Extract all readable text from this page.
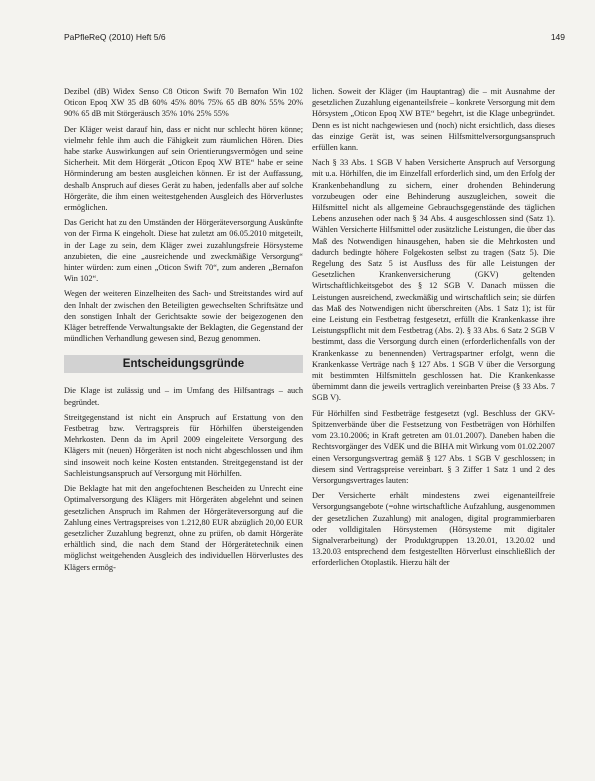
PaPfleReQ (2010) Heft 5/6	149

Dezibel (dB) Widex Senso C8 Oticon Swift 70 Bernafon Win 102 Oticon Epoq XW 35 dB 60% 45% 80% 75% 65 dB 80% 55% 20% 90% 65 dB mit Störgeräusch 35% 10% 25% 55%

Der Kläger weist darauf hin, dass er nicht nur schlecht hören könne; vielmehr fehle ihm auch die Fähigkeit zum räumlichen Hören. Dies habe starke Auswirkungen auf sein Orientierungsvermögen und seine Sicherheit. Mit dem Hörgerät „Oticon Epoq XW BTE“ habe er seine Hörminderung am besten ausgleichen können. Er ist der Auffassung, deshalb Anspruch auf dieses Gerät zu haben, jedenfalls aber auf solche Hörgeräte, die ihm einen weitestgehenden Ausgleich des Hörverlustes ermöglichen.

Das Gericht hat zu den Umständen der Hörgeräteversorgung Auskünfte von der Firma K eingeholt. Diese hat zuletzt am 06.05.2010 mitgeteilt, in der Lage zu sein, dem Kläger zwei zuzahlungsfreie Hörsysteme anzubieten, die eine „ausreichende und zweckmäßige Versorgung“ hinter würden: zum einen „Oticon Swift 70“, zum anderen „Bernafon Win 102“.

Wegen der weiteren Einzelheiten des Sach- und Streitstandes wird auf den Inhalt der zwischen den Beteiligten gewechselten Schriftsätze und den sonstigen Inhalt der Gerichtsakte sowie der beigezogenen den Kläger betreffende Verwaltungsakte der Beklagten, die Gegenstand der mündlichen Verhandlung gewesen sind, Bezug genommen.

Entscheidungsgründe

Die Klage ist zulässig und – im Umfang des Hilfsantrags – auch begründet.

Streitgegenstand ist nicht ein Anspruch auf Erstattung von den Festbetrag bzw. Vertragspreis für Hörhilfen übersteigenden Mehrkosten. Denn da im April 2009 eingeleitete Versorgung des Klägers mit (neuen) Hörgeräten ist noch nicht abgeschlossen und ihm sind insoweit noch keine Kosten entstanden. Streitgegenstand ist der Sachleistungsanspruch auf Versorgung mit Hörhilfen.

Die Beklagte hat mit den angefochtenen Bescheiden zu Unrecht eine Optimalversorgung des Klägers mit Hörgeräten abgelehnt und seinen gesetzlichen Anspruch im Rahmen der Hörgeräteversorgung auf die Zahlung eines Vertragspreises von 1.212,80 EUR abzüglich 20,00 EUR gesetzlicher Zuzahlung begrenzt, ohne zu prüfen, ob damit Hörgeräte erhältlich sind, die nach dem Stand der Hörgerätetechnik einen möglichst weitgehenden Ausgleich des individuellen Hörverlustes des Klägers ermög-

lichen. Soweit der Kläger (im Hauptantrag) die – mit Ausnahme der gesetzlichen Zuzahlung eigenanteilsfreie – konkrete Versorgung mit dem Hörsystem „Oticon Epoq XW BTE“ begehrt, ist die Klage unbegründet. Denn es ist nicht nachgewiesen und (noch) nicht ersichtlich, dass dieses das einzige Gerät ist, was seinen Hilfsmittelversorgungsanspruch erfüllen kann.

Nach § 33 Abs. 1 SGB V haben Versicherte Anspruch auf Versorgung mit u.a. Hörhilfen, die im Einzelfall erforderlich sind, um den Erfolg der Krankenbehandlung zu sichern, einer drohenden Behinderung vorzubeugen oder eine Behinderung auszugleichen, soweit die Hilfsmittel nicht als allgemeine Gebrauchsgegenstände des täglichen Lebens anzusehen oder nach § 34 Abs. 4 ausgeschlossen sind (Satz 1). Wählen Versicherte Hilfsmittel oder zusätzliche Leistungen, die über das Maß des Notwendigen hinausgehen, haben sie die Mehrkosten und dadurch bedingte höhere Folgekosten selbst zu tragen (Satz 5). Die Regelung des Satz 5 ist Ausfluss des für alle Leistungen der Gesetzlichen Krankenversicherung (GKV) geltenden Wirtschaftlichkeitsgebot des § 12 SGB V. Danach müssen die Leistungen ausreichend, zweckmäßig und wirtschaftlich sein; sie dürfen das Maß des Notwendigen nicht überschreiten (Abs. 1 Satz 1); ist für eine Leistung ein Festbetrag festgesetzt, erfüllt die Krankenkasse ihre Leistungspflicht mit dem Festbetrag (Abs. 2). § 33 Abs. 6 Satz 2 SGB V bestimmt, dass die Versorgung durch einen (erforderlichenfalls von der Krankenkasse zu benennenden) Vertragspartner erfolgt, wenn die Krankenkasse Verträge nach § 127 Abs. 1 SGB V über die Versorgung mit bestimmten Hilfsmitteln geschlossen hat. Die Krankenkasse übernimmt dann die jeweils vertraglich vereinbarten Preise (§ 33 Abs. 7 SGB V).

Für Hörhilfen sind Festbeträge festgesetzt (vgl. Beschluss der GKV-Spitzenverbände über die Festsetzung von Festbeträgen von Hörhilfen vom 23.10.2006; in Kraft getreten am 01.01.2007). Daneben haben die Rechtsvorgänger des VdEK und die BIHA mit Wirkung vom 01.02.2007 einen Versorgungsvertrag gemäß § 127 Abs. 1 SGB V geschlossen; in diesem sind Vertragspreise vereinbart. § 3 Ziffer 1 Satz 1 und 2 des Versorgungsvertrages lauten:

Der Versicherte erhält mindestens zwei eigenanteilfreie Versorgungsangebote (=ohne wirtschaftliche Aufzahlung, ausgenommen der gesetzlichen Zuzahlung) mit analogen, digital programmierbaren oder volldigitalen Hörsystemen (Hörsysteme mit digitaler Signalverarbeitung) der Produktgruppen 13.20.01, 13.20.02 und 13.20.03 entsprechend dem festgestellten Hörverlust einschließlich der erforderlichen Otoplastik. Hierzu hält der
